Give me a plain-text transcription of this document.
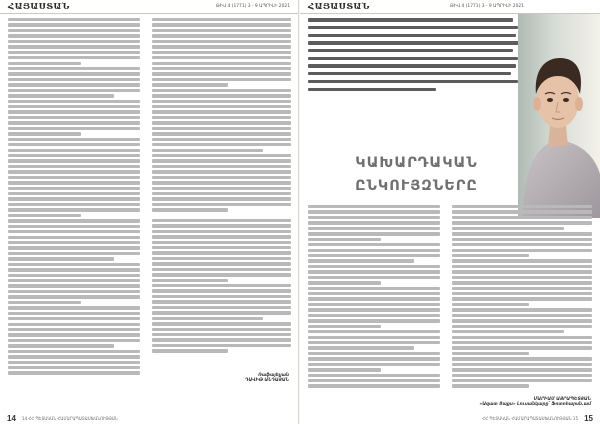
ՀԱՅԱՍՏԱՆ	ԹԻՎ 4 (1771) 3 - 9 ԱՊՐԻԼԻ 2021
Ռաֆայելյան
ԴԱՎԻԹ ԱՆԴԱՅԱՆ
14 14 ՀՀ ՊԵՏԱԿԱՆ ՀԱՄԱՐԱՊԱՏԱՍԽԱՆՈՒԹՅԱՆ
ՀԱՅԱՍՏԱՆ	ԹԻՎ 4 (1771) 3 - 9 ԱՊՐԻԼԻ 2021
ԿԱԽԱՐԴԱԿԱՆ
ԸՆԿՈՒՅԶՆԵՐԸ
ՄԱՐԻԱՄ ԱՅՐԱՊԵՏՅԱՆ
«Ազատ Ցաքս» Լուսանկարը՝ Ֆոտոհարսն.ամ
ՀՀ ՊԵՏԱԿԱՆ ՀԱՄԱՐԱՊԱՏԱՍԽԱՆՈՒԹՅԱՆ 15 15
